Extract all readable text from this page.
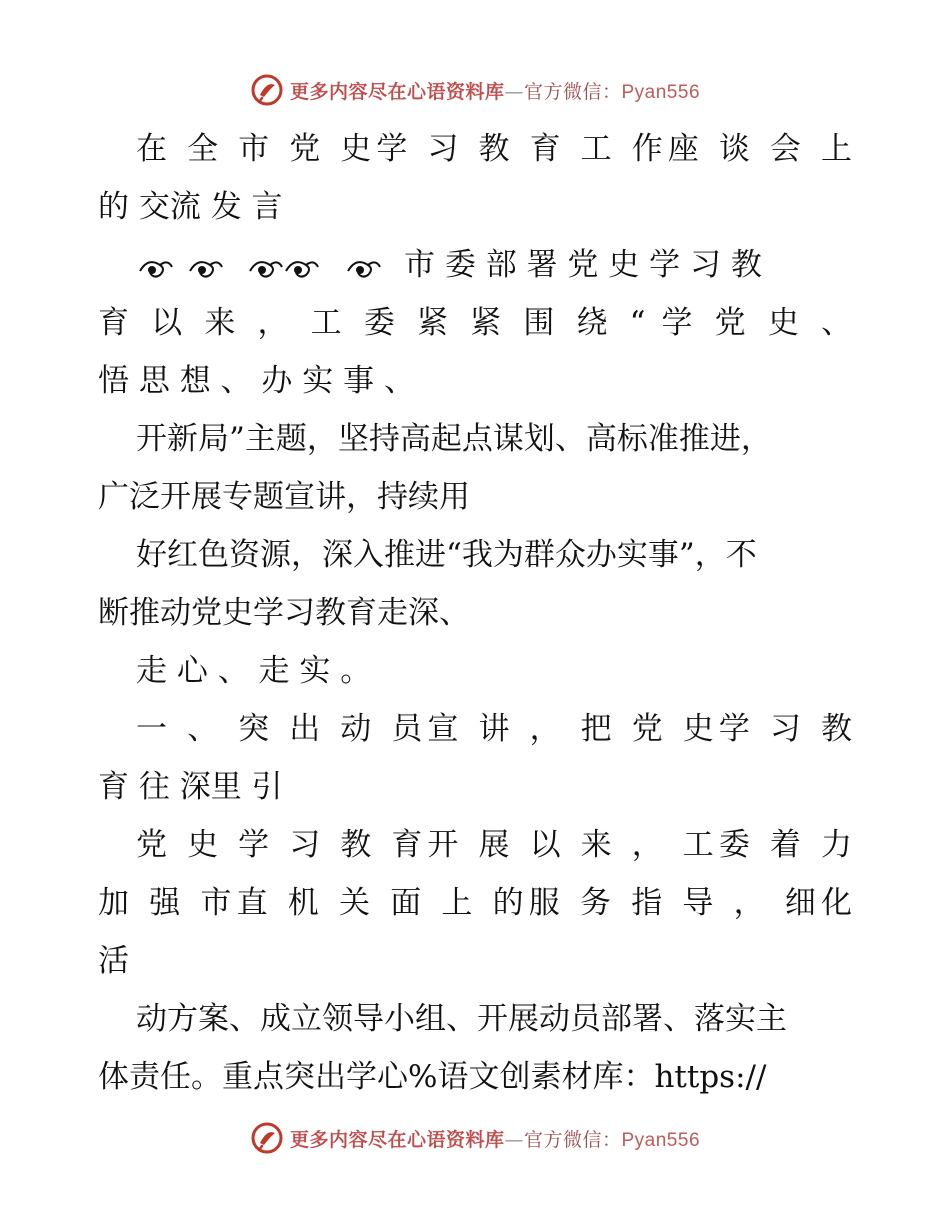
更多内容尽在心语资料库—官方微信：Pyan556
在 全 市 党 史学 习 教 育 工 作座 谈 会 上
的 交流 发 言
市 委 部 署 党 史 学 习 教
育 以 来 ， 工 委 紧 紧 围 绕 “ 学 党 史 、
悟 思 想 、 办 实 事 、
开新局”主题，坚持高起点谋划、高标准推进，
广泛开展专题宣讲，持续用
好红色资源，深入推进“我为群众办实事”，不
断推动党史学习教育走深、
走 心 、 走 实 。
一 、 突 出 动 员宣 讲 ， 把 党 史学 习 教
育 往 深里 引
党 史 学 习 教 育开 展 以 来 ， 工委 着 力
加 强 市直 机 关 面 上 的服 务 指 导 ， 细化
活
动方案、成立领导小组、开展动员部署、落实主
体责任。重点突出学心%语文创素材库：https://
更多内容尽在心语资料库—官方微信：Pyan556
